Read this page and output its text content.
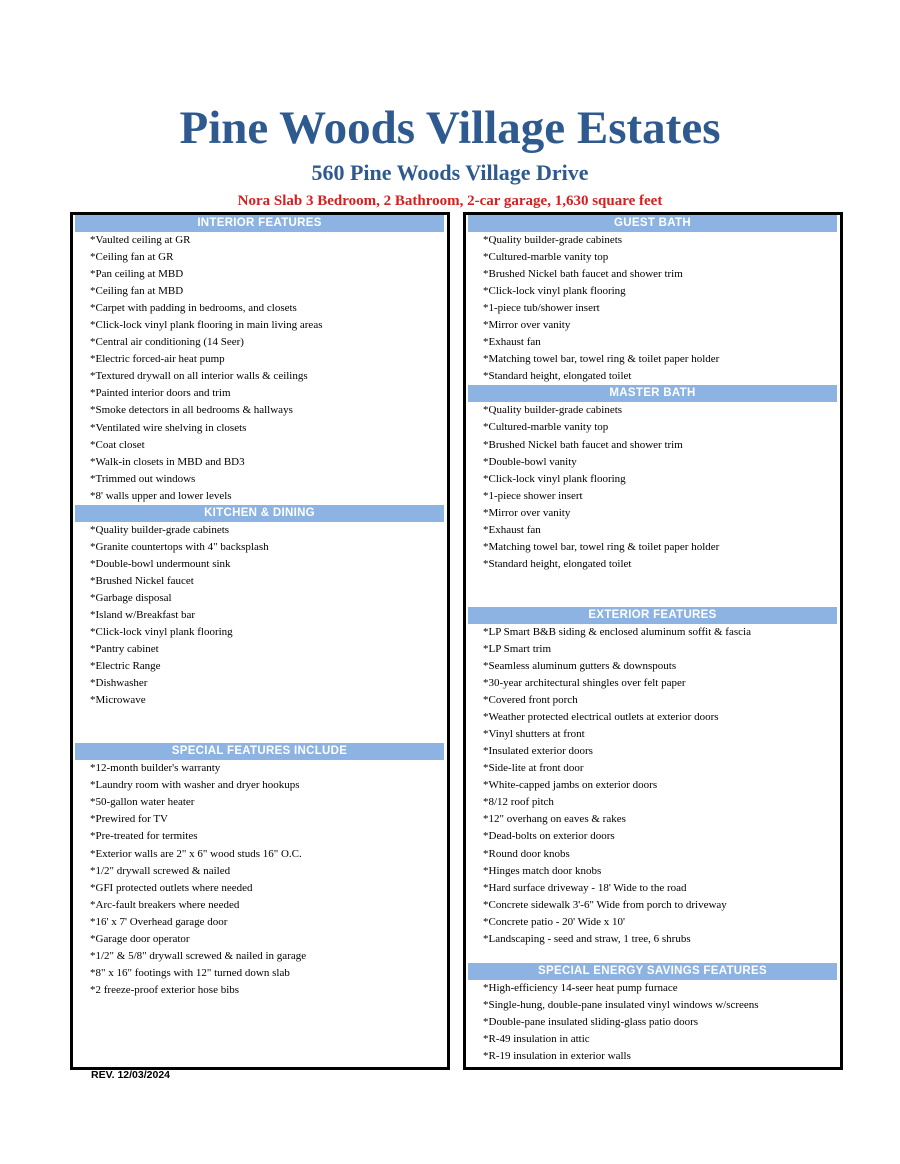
Pine Woods Village Estates
560 Pine Woods Village Drive
Nora Slab 3 Bedroom, 2 Bathroom, 2-car garage, 1,630 square feet
INTERIOR FEATURES
*Vaulted ceiling at GR
*Ceiling fan at GR
*Pan ceiling at MBD
*Ceiling fan at MBD
*Carpet with padding in bedrooms, and closets
*Click-lock vinyl plank flooring in main living areas
*Central air conditioning (14 Seer)
*Electric forced-air heat pump
*Textured drywall on all interior walls & ceilings
*Painted interior doors and trim
*Smoke detectors in all bedrooms & hallways
*Ventilated wire shelving in closets
*Coat closet
*Walk-in closets in MBD and BD3
*Trimmed out windows
*8' walls upper and lower levels
KITCHEN & DINING
*Quality builder-grade cabinets
*Granite countertops with 4" backsplash
*Double-bowl undermount sink
*Brushed Nickel faucet
*Garbage disposal
*Island w/Breakfast bar
*Click-lock vinyl plank flooring
*Pantry cabinet
*Electric Range
*Dishwasher
*Microwave
SPECIAL FEATURES INCLUDE
*12-month builder's warranty
*Laundry room with washer and dryer hookups
*50-gallon water heater
*Prewired for TV
*Pre-treated for termites
*Exterior walls are 2" x 6" wood studs 16" O.C.
*1/2" drywall screwed & nailed
*GFI protected outlets where needed
*Arc-fault breakers where needed
*16' x 7' Overhead garage door
*Garage door operator
*1/2" & 5/8" drywall screwed & nailed in garage
*8" x 16" footings with 12" turned down slab
*2 freeze-proof exterior hose bibs
GUEST BATH
*Quality builder-grade cabinets
*Cultured-marble vanity top
*Brushed Nickel bath faucet and shower trim
*Click-lock vinyl plank flooring
*1-piece tub/shower insert
*Mirror over vanity
*Exhaust fan
*Matching towel bar, towel ring & toilet paper holder
*Standard height, elongated toilet
MASTER BATH
*Quality builder-grade cabinets
*Cultured-marble vanity top
*Brushed Nickel bath faucet and shower trim
*Double-bowl vanity
*Click-lock vinyl plank flooring
*1-piece shower insert
*Mirror over vanity
*Exhaust fan
*Matching towel bar, towel ring & toilet paper holder
*Standard height, elongated toilet
EXTERIOR FEATURES
*LP Smart B&B siding & enclosed aluminum soffit & fascia
*LP Smart trim
*Seamless aluminum gutters & downspouts
*30-year architectural shingles over felt paper
*Covered front porch
*Weather protected electrical outlets at exterior doors
*Vinyl shutters at front
*Insulated exterior doors
*Side-lite at front door
*White-capped jambs on exterior doors
*8/12 roof pitch
*12" overhang on eaves & rakes
*Dead-bolts on exterior doors
*Round door knobs
*Hinges match door knobs
*Hard surface driveway - 18' Wide to the road
*Concrete sidewalk 3'-6" Wide from porch to driveway
*Concrete patio - 20' Wide x 10'
*Landscaping - seed and straw, 1 tree, 6 shrubs
SPECIAL ENERGY SAVINGS FEATURES
*High-efficiency 14-seer heat pump furnace
*Single-hung, double-pane insulated vinyl windows w/screens
*Double-pane insulated sliding-glass patio doors
*R-49 insulation in attic
*R-19 insulation in exterior walls
REV. 12/03/2024
